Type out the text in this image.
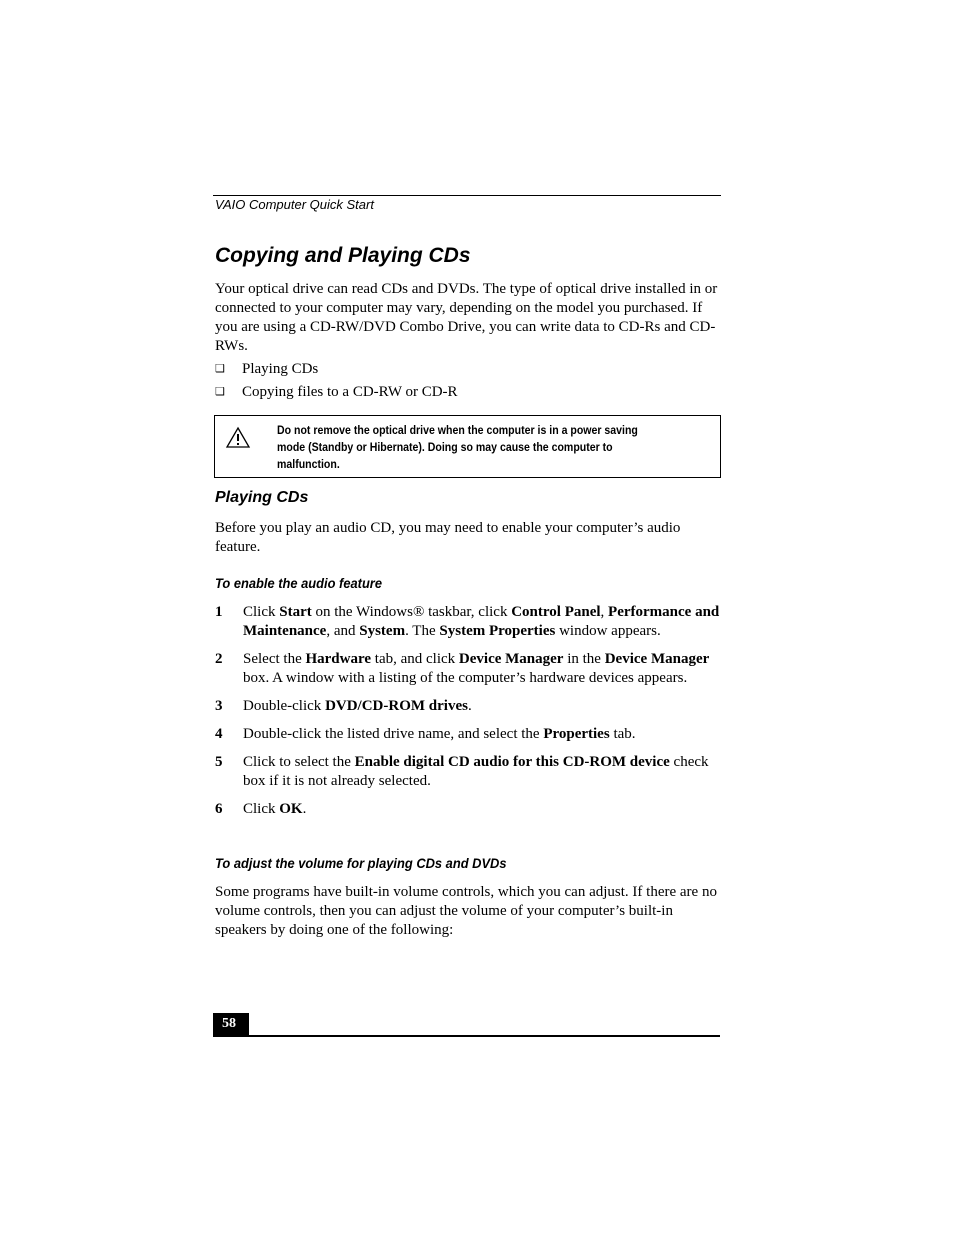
VAIO Computer Quick Start
Copying and Playing CDs
Your optical drive can read CDs and DVDs. The type of optical drive installed in or connected to your computer may vary, depending on the model you purchased. If you are using a CD-RW/DVD Combo Drive, you can write data to CD-Rs and CD-RWs.
❑	Playing CDs
❑	Copying files to a CD-RW or CD-R
Do not remove the optical drive when the computer is in a power saving mode (Standby or Hibernate). Doing so may cause the computer to malfunction.
Playing CDs
Before you play an audio CD, you may need to enable your computer’s audio feature.
To enable the audio feature
1	Click Start on the Windows® taskbar, click Control Panel, Performance and Maintenance, and System. The System Properties window appears.
2	Select the Hardware tab, and click Device Manager in the Device Manager box. A window with a listing of the computer’s hardware devices appears.
3	Double-click DVD/CD-ROM drives.
4	Double-click the listed drive name, and select the Properties tab.
5	Click to select the Enable digital CD audio for this CD-ROM device check box if it is not already selected.
6	Click OK.
To adjust the volume for playing CDs and DVDs
Some programs have built-in volume controls, which you can adjust. If there are no volume controls, then you can adjust the volume of your computer’s built-in speakers by doing one of the following:
58
